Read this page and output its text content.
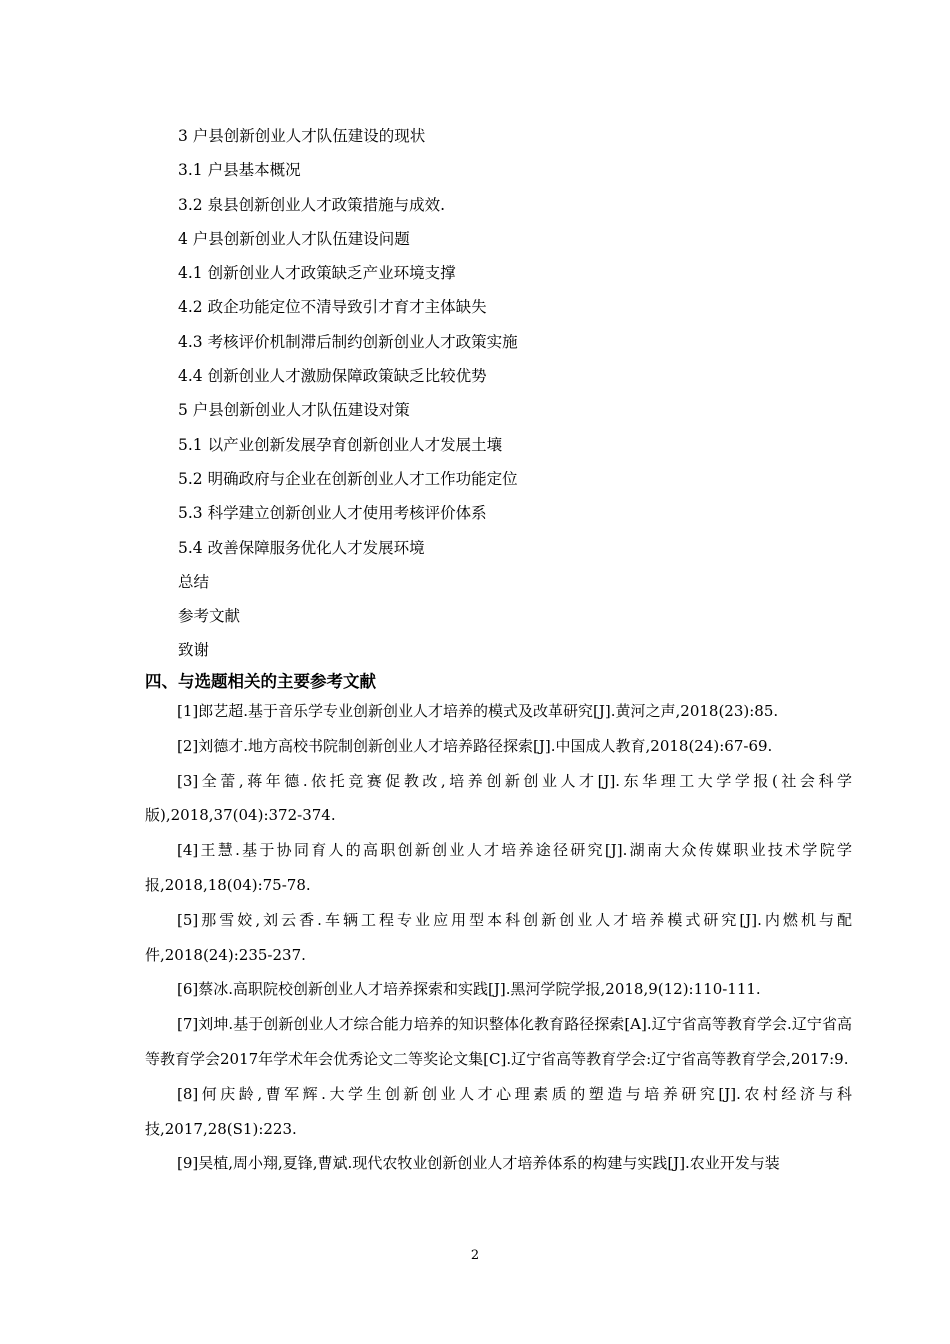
3 户县创新创业人才队伍建设的现状
3.1 户县基本概况
3.2 泉县创新创业人才政策措施与成效.
4 户县创新创业人才队伍建设问题
4.1 创新创业人才政策缺乏产业环境支撑
4.2 政企功能定位不清导致引才育才主体缺失
4.3 考核评价机制滞后制约创新创业人才政策实施
4.4 创新创业人才激励保障政策缺乏比较优势
5 户县创新创业人才队伍建设对策
5.1 以产业创新发展孕育创新创业人才发展土壤
5.2 明确政府与企业在创新创业人才工作功能定位
5.3 科学建立创新创业人才使用考核评价体系
5.4 改善保障服务优化人才发展环境
总结
参考文献
致谢
四、与选题相关的主要参考文献

[1]郎艺超.基于音乐学专业创新创业人才培养的模式及改革研究[J].黄河之声,2018(23):85.

[2]刘德才.地方高校书院制创新创业人才培养路径探索[J].中国成人教育,2018(24):67-69.

[3]全蕾,蒋年德.依托竞赛促教改,培养创新创业人才[J].东华理工大学学报(社会科学版),2018,37(04):372-374.

[4]王慧.基于协同育人的高职创新创业人才培养途径研究[J].湖南大众传媒职业技术学院学报,2018,18(04):75-78.

[5]那雪姣,刘云香.车辆工程专业应用型本科创新创业人才培养模式研究[J].内燃机与配件,2018(24):235-237.

[6]蔡冰.高职院校创新创业人才培养探索和实践[J].黑河学院学报,2018,9(12):110-111.

[7]刘坤.基于创新创业人才综合能力培养的知识整体化教育路径探索[A].辽宁省高等教育学会.辽宁省高等教育学会2017年学术年会优秀论文二等奖论文集[C].辽宁省高等教育学会:辽宁省高等教育学会,2017:9.

[8]何庆龄,曹军辉.大学生创新创业人才心理素质的塑造与培养研究[J].农村经济与科技,2017,28(S1):223.

[9]吴植,周小翔,夏锋,曹斌.现代农牧业创新创业人才培养体系的构建与实践[J].农业开发与装

2
